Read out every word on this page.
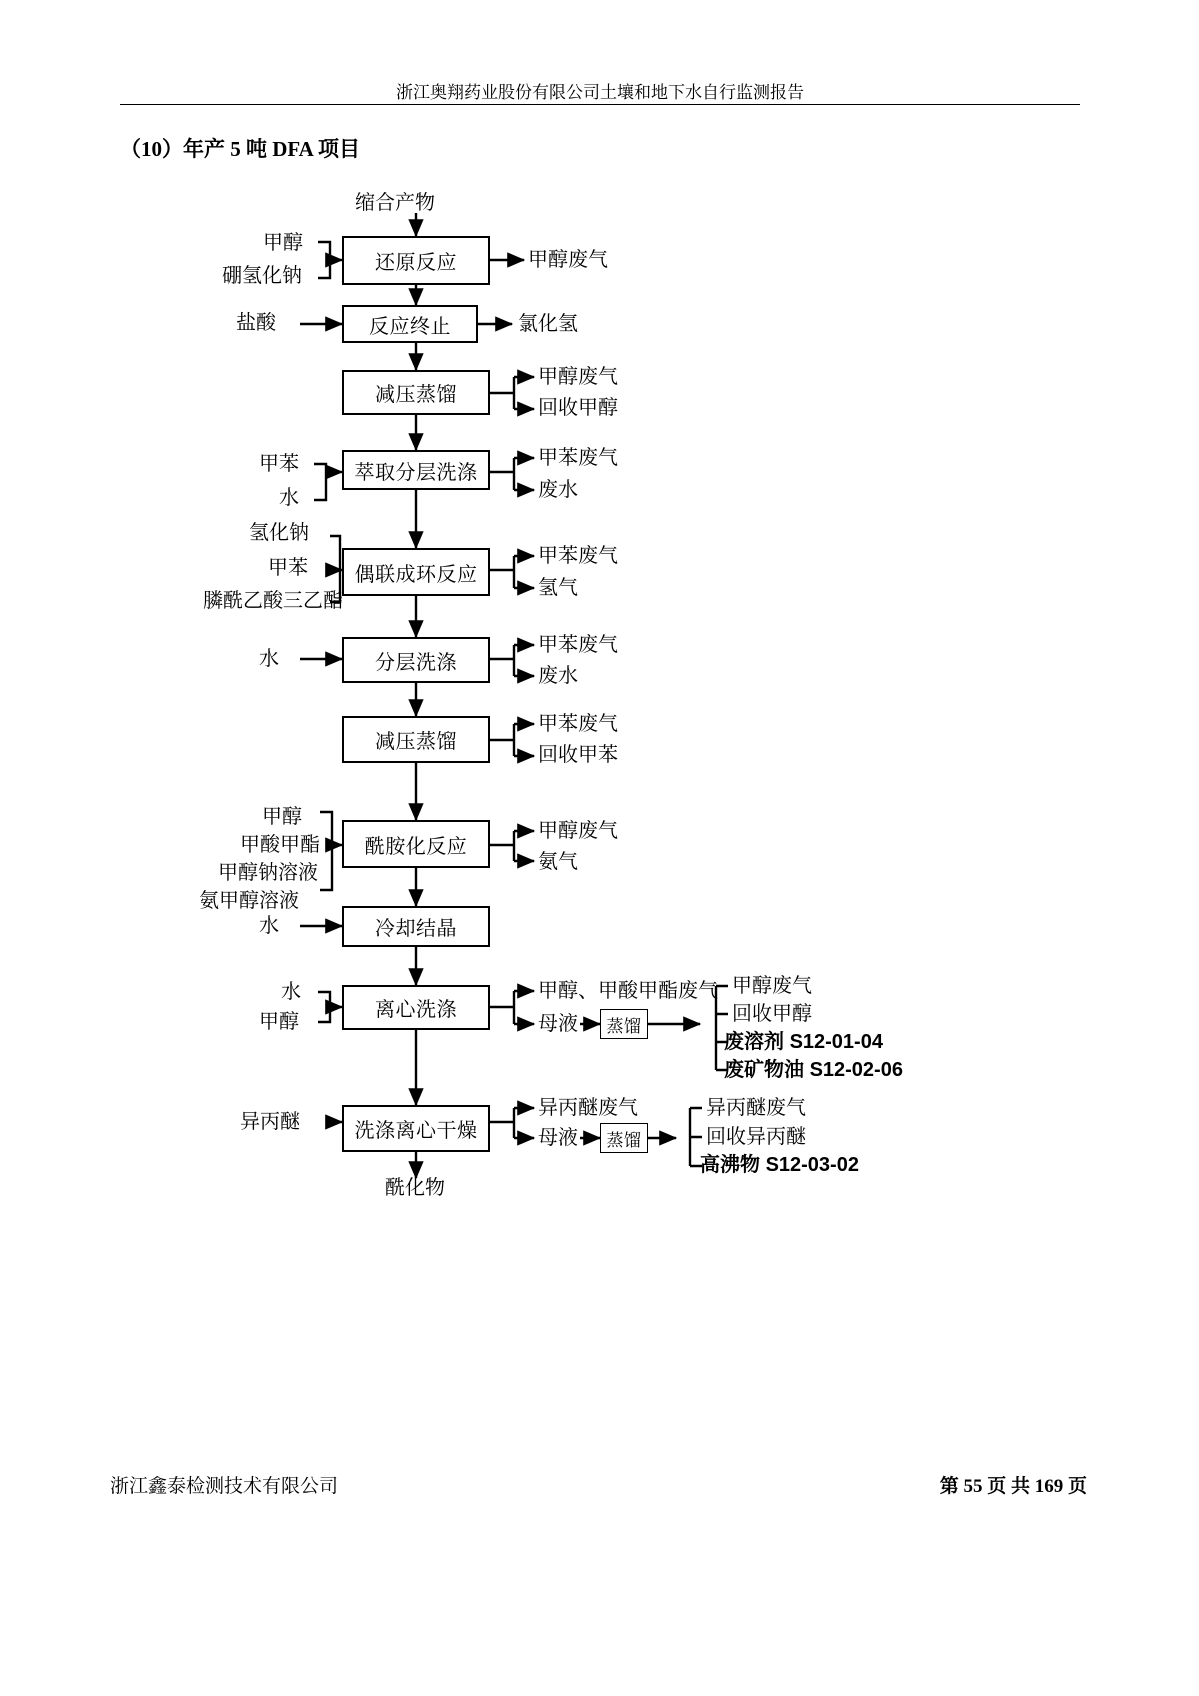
浙江奥翔药业股份有限公司土壤和地下水自行监测报告
（10）年产 5 吨 DFA 项目
缩合产物
还原反应
反应终止
减压蒸馏
萃取分层洗涤
偶联成环反应
分层洗涤
减压蒸馏
酰胺化反应
冷却结晶
离心洗涤
洗涤离心干燥
蒸馏
蒸馏
甲醇
硼氢化钠
盐酸
甲苯
水
氢化钠
甲苯
膦酰乙酸三乙酯
水
甲醇
甲酸甲酯
甲醇钠溶液
氨甲醇溶液
水
水
甲醇
异丙醚
甲醇废气
氯化氢
甲醇废气
回收甲醇
甲苯废气
废水
甲苯废气
氢气
甲苯废气
废水
甲苯废气
回收甲苯
甲醇废气
氨气
甲醇、甲酸甲酯废气
母液
异丙醚废气
母液
甲醇废气
回收甲醇
废溶剂 S12-01-04
废矿物油 S12-02-06
异丙醚废气
回收异丙醚
高沸物 S12-03-02
酰化物
浙江鑫泰检测技术有限公司	第 55 页 共 169 页
